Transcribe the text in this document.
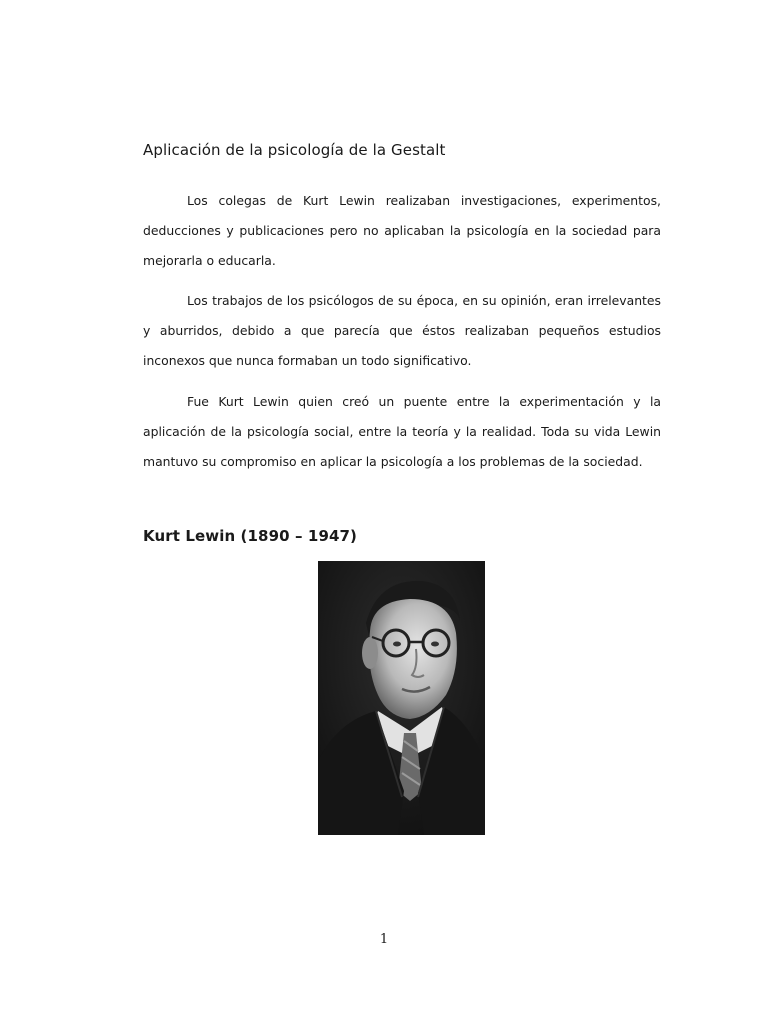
Aplicación de la psicología de la Gestalt

Los colegas de Kurt Lewin realizaban investigaciones, experimentos, deducciones y publicaciones pero no aplicaban la psicología en la sociedad para mejorarla o educarla.

Los trabajos de los psicólogos de su época, en su opinión, eran irrelevantes y aburridos, debido a que parecía que éstos realizaban pequeños estudios inconexos que nunca formaban un todo significativo.

Fue Kurt Lewin quien creó un puente entre la experimentación y la aplicación de la psicología social, entre la teoría y la realidad. Toda su vida Lewin mantuvo su compromiso en aplicar la psicología a los problemas de la sociedad.

Kurt Lewin (1890 – 1947)
1
